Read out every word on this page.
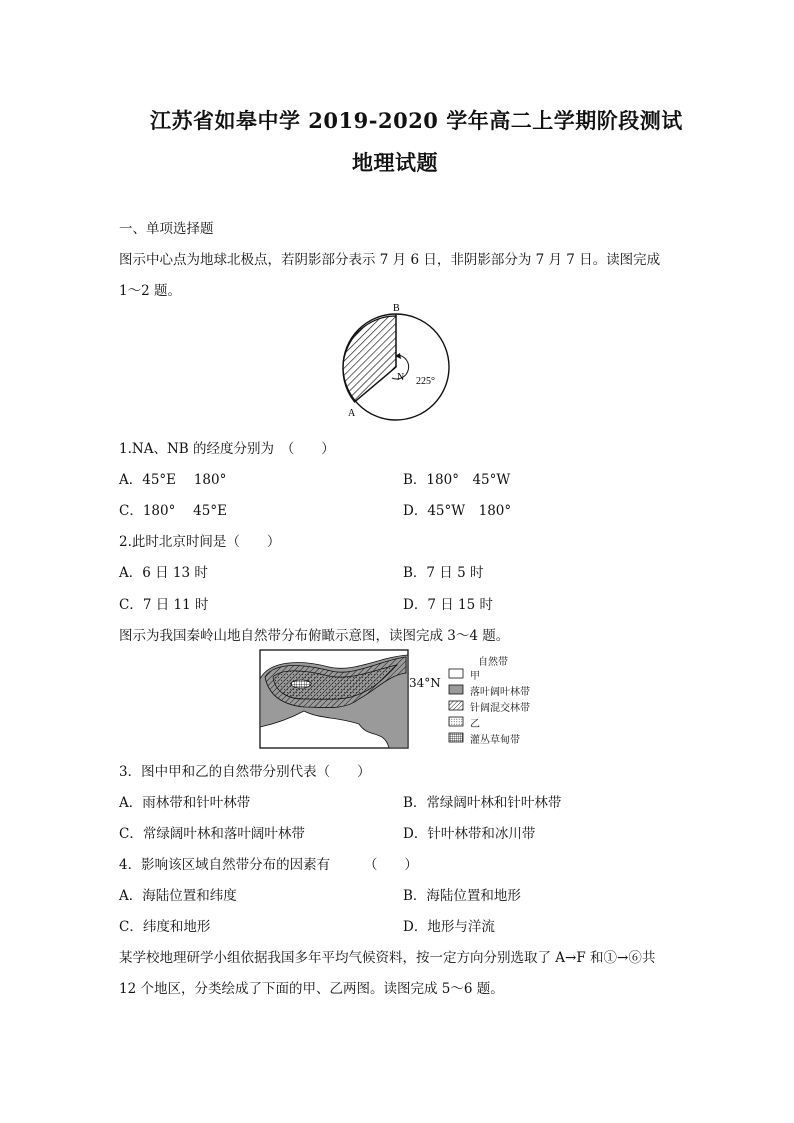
江苏省如皋中学 2019-2020 学年高二上学期阶段测试
地理试题
一、单项选择题
图示中心点为地球北极点，若阴影部分表示 7 月 6 日，非阴影部分为 7 月 7 日。读图完成
1～2 题。
B
A
N 225°
1.NA、NB 的经度分别为　（　　）
A．45°E　 180°	B．180°　45°W
C．180°　 45°E	D．45°W　180°
2.此时北京时间是（　　）
A．6 日 13 时	B．7 日 5 时
C．7 日 11 时	D．7 日 15 时
图示为我国秦岭山地自然带分布俯瞰示意图，读图完成 3～4 题。
34°N
自然带
甲
落叶阔叶林带
针阔混交林带
乙
灌丛草甸带
3．图中甲和乙的自然带分别代表（　　）
A．雨林带和针叶林带	B．常绿阔叶林和针叶林带
C．常绿阔叶林和落叶阔叶林带	D．针叶林带和冰川带
4．影响该区域自然带分布的因素有　　　（　　）
A．海陆位置和纬度	B．海陆位置和地形
C．纬度和地形	D．地形与洋流
某学校地理研学小组依据我国多年平均气候资料，按一定方向分别选取了 A→F 和①→⑥共
12 个地区，分类绘成了下面的甲、乙两图。读图完成 5～6 题。
